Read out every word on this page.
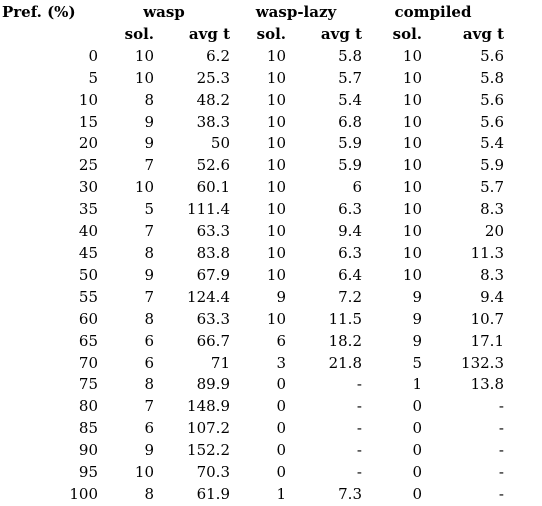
Pref. (%)	wasp		wasp-lazy		compiled	
	sol.	avg t	sol.	avg t	sol.	avg t
0	10	6.2	10	5.8	10	5.6
5	10	25.3	10	5.7	10	5.8
10	8	48.2	10	5.4	10	5.6
15	9	38.3	10	6.8	10	5.6
20	9	50	10	5.9	10	5.4
25	7	52.6	10	5.9	10	5.9
30	10	60.1	10	6	10	5.7
35	5	111.4	10	6.3	10	8.3
40	7	63.3	10	9.4	10	20
45	8	83.8	10	6.3	10	11.3
50	9	67.9	10	6.4	10	8.3
55	7	124.4	9	7.2	9	9.4
60	8	63.3	10	11.5	9	10.7
65	6	66.7	6	18.2	9	17.1
70	6	71	3	21.8	5	132.3
75	8	89.9	0	-	1	13.8
80	7	148.9	0	-	0	-
85	6	107.2	0	-	0	-
90	9	152.2	0	-	0	-
95	10	70.3	0	-	0	-
100	8	61.9	1	7.3	0	-
